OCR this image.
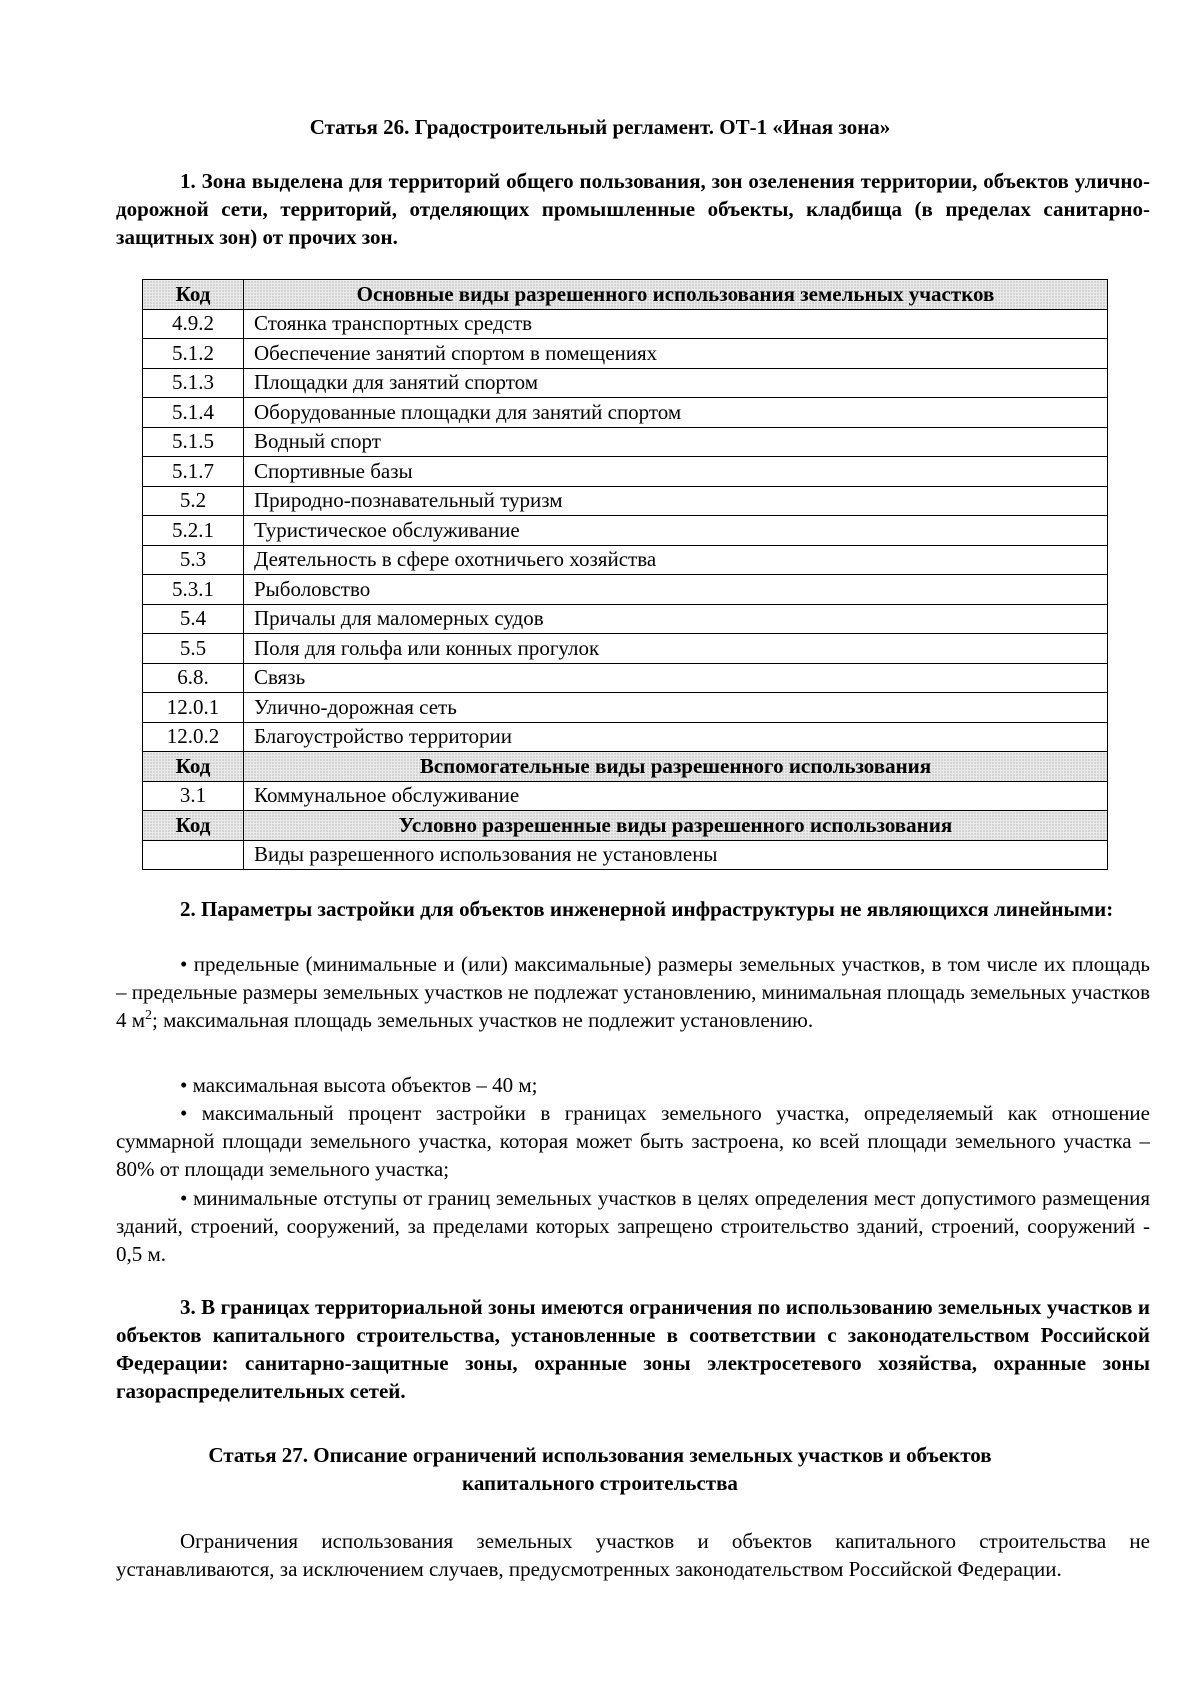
Статья 26. Градостроительный регламент. ОТ-1 «Иная зона»
1. Зона выделена для территорий общего пользования, зон озеленения территории, объектов улично-дорожной сети, территорий, отделяющих промышленные объекты, кладбища (в пределах санитарно-защитных зон) от прочих зон.
Код	Основные виды разрешенного использования земельных участков
4.9.2	Стоянка транспортных средств
5.1.2	Обеспечение занятий спортом в помещениях
5.1.3	Площадки для занятий спортом
5.1.4	Оборудованные площадки для занятий спортом
5.1.5	Водный спорт
5.1.7	Спортивные базы
5.2	Природно-познавательный туризм
5.2.1	Туристическое обслуживание
5.3	Деятельность в сфере охотничьего хозяйства
5.3.1	Рыболовство
5.4	Причалы для маломерных судов
5.5	Поля для гольфа или конных прогулок
6.8.	Связь
12.0.1	Улично-дорожная сеть
12.0.2	Благоустройство территории
Код	Вспомогательные виды разрешенного использования
3.1	Коммунальное обслуживание
Код	Условно разрешенные виды разрешенного использования
	Виды разрешенного использования не установлены
2. Параметры застройки для объектов инженерной инфраструктуры не являющихся линейными:
• предельные (минимальные и (или) максимальные) размеры земельных участков, в том числе их площадь – предельные размеры земельных участков не подлежат установлению, минимальная площадь земельных участков 4 $м^2$; максимальная площадь земельных участков не подлежит установлению.
• максимальная высота объектов – 40 м;
• максимальный процент застройки в границах земельного участка, определяемый как отношение суммарной площади земельного участка, которая может быть застроена, ко всей площади земельного участка – 80% от площади земельного участка;
• минимальные отступы от границ земельных участков в целях определения мест допустимого размещения зданий, строений, сооружений, за пределами которых запрещено строительство зданий, строений, сооружений - 0,5 м.
3. В границах территориальной зоны имеются ограничения по использованию земельных участков и объектов капитального строительства, установленные в соответствии с законодательством Российской Федерации: санитарно-защитные зоны, охранные зоны электросетевого хозяйства, охранные зоны газораспределительных сетей.
Статья 27. Описание ограничений использования земельных участков и объектов
капитального строительства
Ограничения использования земельных участков и объектов капитального строительства не устанавливаются, за исключением случаев, предусмотренных законодательством Российской Федерации.
